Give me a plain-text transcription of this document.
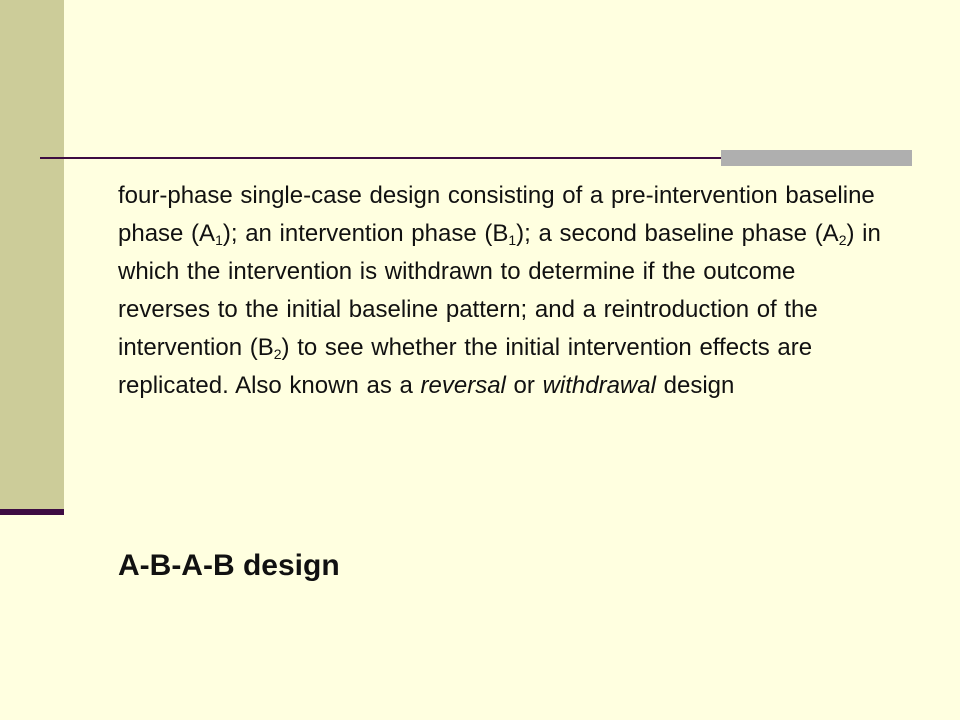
four-phase single-case design consisting of a pre-intervention baseline phase $(A_1)$; an intervention phase $(B_1)$; a second baseline phase $(A_2)$ in which the intervention is withdrawn to determine if the outcome reverses to the initial baseline pattern; and a reintroduction of the intervention $(B_2)$ to see whether the initial intervention effects are replicated. Also known as a reversal or withdrawal design

A-B-A-B design
